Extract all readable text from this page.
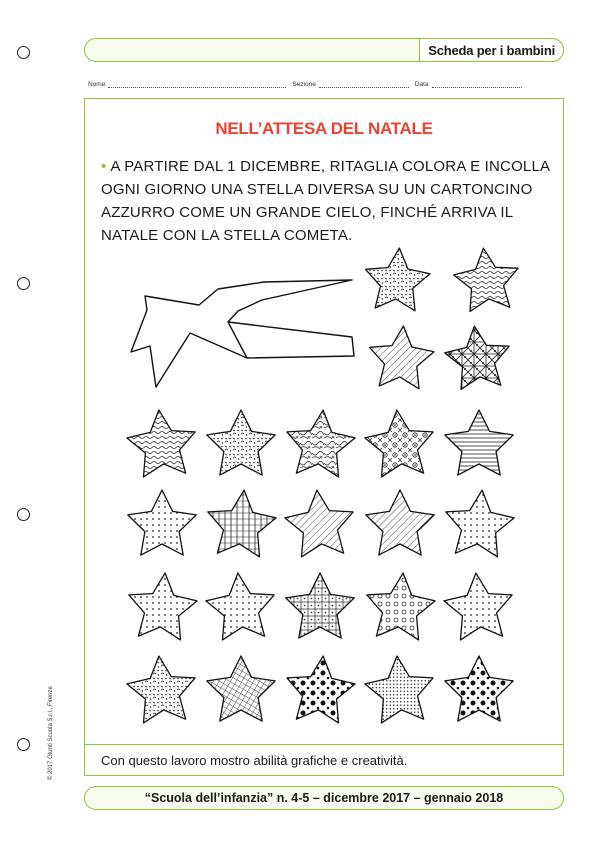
Scheda per i bambini
Nome	Sezione	Data
NELL’ATTESA DEL NATALE
• A PARTIRE DAL 1 DICEMBRE, RITAGLIA COLORA E INCOLLA OGNI GIORNO UNA STELLA DIVERSA SU UN CARTONCINO AZZURRO COME UN GRANDE CIELO, FINCHÉ ARRIVA IL NATALE CON LA STELLA COMETA.
Con questo lavoro mostro abilità grafiche e creatività.
“Scuola dell’infanzia” n. 4-5 – dicembre 2017 – gennaio 2018
© 2017 Giunti Scuola S.r.l., Firenze
